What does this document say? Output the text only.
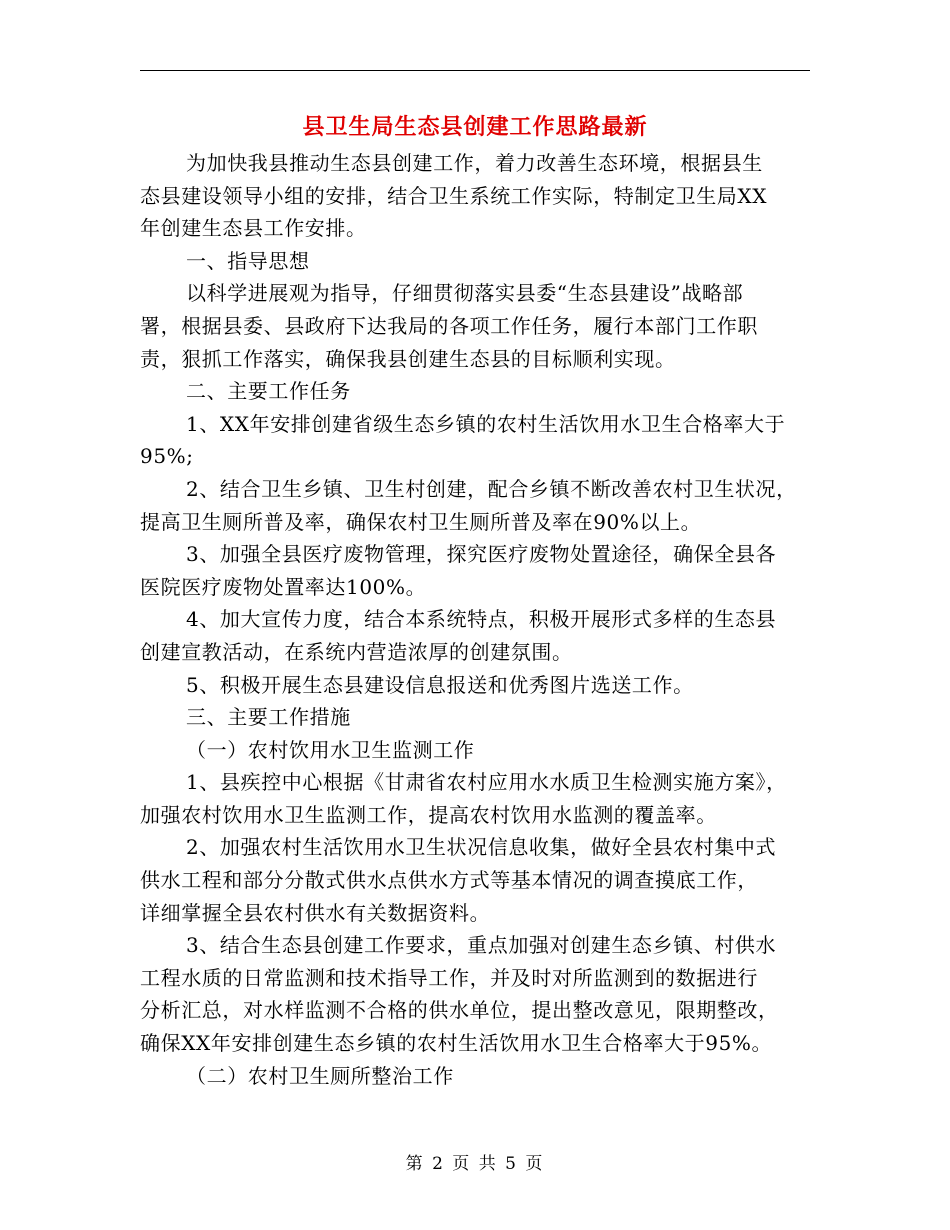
县卫生局生态县创建工作思路最新
为加快我县推动生态县创建工作，着力改善生态环境，根据县生
态县建设领导小组的安排，结合卫生系统工作实际，特制定卫生局XX
年创建生态县工作安排。
一、指导思想
以科学进展观为指导，仔细贯彻落实县委“生态县建设”战略部
署，根据县委、县政府下达我局的各项工作任务，履行本部门工作职
责，狠抓工作落实，确保我县创建生态县的目标顺利实现。
二、主要工作任务
1、XX年安排创建省级生态乡镇的农村生活饮用水卫生合格率大于
95%;
2、结合卫生乡镇、卫生村创建，配合乡镇不断改善农村卫生状况，
提高卫生厕所普及率，确保农村卫生厕所普及率在90%以上。
3、加强全县医疗废物管理，探究医疗废物处置途径，确保全县各
医院医疗废物处置率达100%。
4、加大宣传力度，结合本系统特点，积极开展形式多样的生态县
创建宣教活动，在系统内营造浓厚的创建氛围。
5、积极开展生态县建设信息报送和优秀图片选送工作。
三、主要工作措施
（一）农村饮用水卫生监测工作
1、县疾控中心根据《甘肃省农村应用水水质卫生检测实施方案》，
加强农村饮用水卫生监测工作，提高农村饮用水监测的覆盖率。
2、加强农村生活饮用水卫生状况信息收集，做好全县农村集中式
供水工程和部分分散式供水点供水方式等基本情况的调查摸底工作，
详细掌握全县农村供水有关数据资料。
3、结合生态县创建工作要求，重点加强对创建生态乡镇、村供水
工程水质的日常监测和技术指导工作，并及时对所监测到的数据进行
分析汇总，对水样监测不合格的供水单位，提出整改意见，限期整改，
确保XX年安排创建生态乡镇的农村生活饮用水卫生合格率大于95%。
（二）农村卫生厕所整治工作
第 2 页 共 5 页
